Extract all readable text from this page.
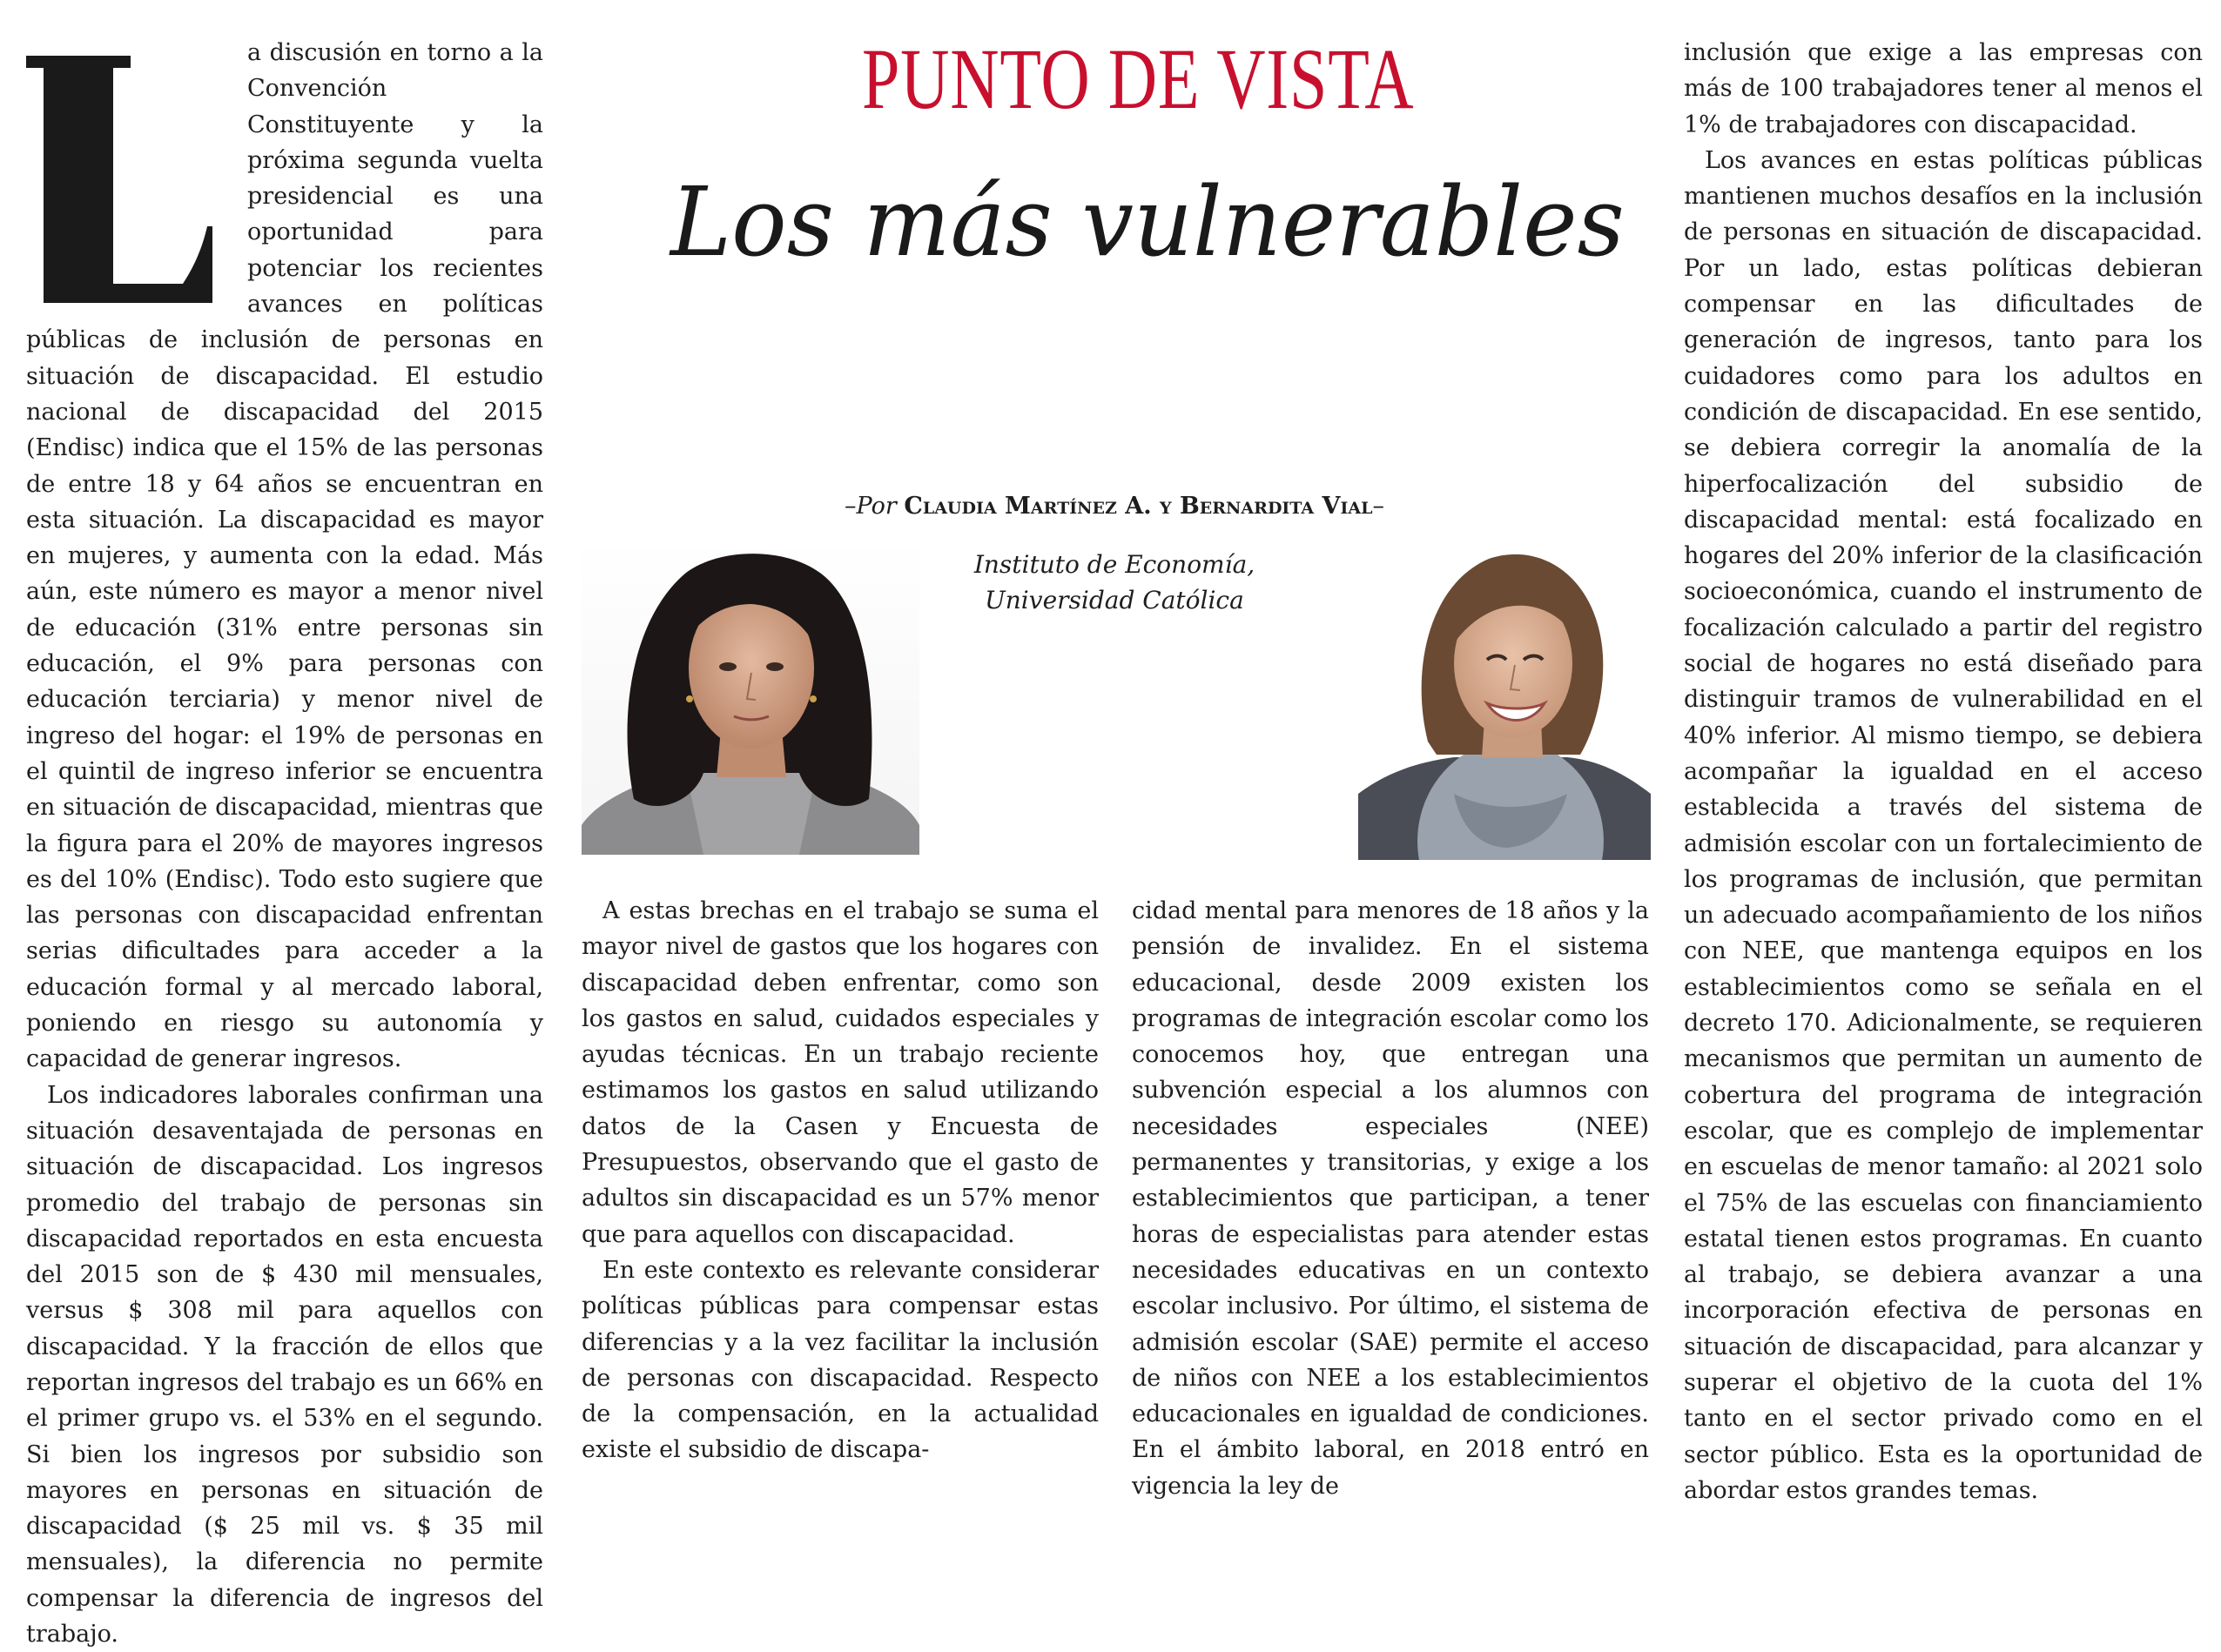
PUNTO DE VISTA
Los más vulnerables
–Por Claudia Martínez A. y Bernardita Vial–
Instituto de Economía,
Universidad Católica

a discusión en torno a la Convención Constituyente y la próxima segunda vuelta presidencial es una oportunidad para potenciar los recientes avances en políticas públicas de inclusión de personas en situación de discapacidad. El estudio nacional de discapacidad del 2015 (Endisc) indica que el 15% de las personas de entre 18 y 64 años se encuentran en esta situación. La discapacidad es mayor en mujeres, y aumenta con la edad. Más aún, este número es mayor a menor nivel de educación (31% entre personas sin educación, el 9% para personas con educación terciaria) y menor nivel de ingreso del hogar: el 19% de personas en el quintil de ingreso inferior se encuentra en situación de discapacidad, mientras que la figura para el 20% de mayores ingresos es del 10% (Endisc). Todo esto sugiere que las personas con discapacidad enfrentan serias dificultades para acceder a la educación formal y al mercado laboral, poniendo en riesgo su autonomía y capacidad de generar ingresos.

Los indicadores laborales confirman una situación desaventajada de personas en situación de discapacidad. Los ingresos promedio del trabajo de personas sin discapacidad reportados en esta encuesta del 2015 son de $ 430 mil mensuales, versus $ 308 mil para aquellos con discapacidad. Y la fracción de ellos que reportan ingresos del trabajo es un 66% en el primer grupo vs. el 53% en el segundo. Si bien los ingresos por subsidio son mayores en personas en situación de discapacidad ($ 25 mil vs. $ 35 mil mensuales), la diferencia no permite compensar la diferencia de ingresos del trabajo.

A estas brechas en el trabajo se suma el mayor nivel de gastos que los hogares con discapacidad deben enfrentar, como son los gastos en salud, cuidados especiales y ayudas técnicas. En un trabajo reciente estimamos los gastos en salud utilizando datos de la Casen y Encuesta de Presupuestos, observando que el gasto de adultos sin discapacidad es un 57% menor que para aquellos con discapacidad.

En este contexto es relevante considerar políticas públicas para compensar estas diferencias y a la vez facilitar la inclusión de personas con discapacidad. Respecto de la compensación, en la actualidad existe el subsidio de discapa-

cidad mental para menores de 18 años y la pensión de invalidez. En el sistema educacional, desde 2009 existen los programas de integración escolar como los conocemos hoy, que entregan una subvención especial a los alumnos con necesidades especiales (NEE) permanentes y transitorias, y exige a los establecimientos que participan, a tener horas de especialistas para atender estas necesidades educativas en un contexto escolar inclusivo. Por último, el sistema de admisión escolar (SAE) permite el acceso de niños con NEE a los establecimientos educacionales en igualdad de condiciones. En el ámbito laboral, en 2018 entró en vigencia la ley de

inclusión que exige a las empresas con más de 100 trabajadores tener al menos el 1% de trabajadores con discapacidad.

Los avances en estas políticas públicas mantienen muchos desafíos en la inclusión de personas en situación de discapacidad. Por un lado, estas políticas debieran compensar en las dificultades de generación de ingresos, tanto para los cuidadores como para los adultos en condición de discapacidad. En ese sentido, se debiera corregir la anomalía de la hiperfocalización del subsidio de discapacidad mental: está focalizado en hogares del 20% inferior de la clasificación socioeconómica, cuando el instrumento de focalización calculado a partir del registro social de hogares no está diseñado para distinguir tramos de vulnerabilidad en el 40% inferior. Al mismo tiempo, se debiera acompañar la igualdad en el acceso establecida a través del sistema de admisión escolar con un fortalecimiento de los programas de inclusión, que permitan un adecuado acompañamiento de los niños con NEE, que mantenga equipos en los establecimientos como se señala en el decreto 170. Adicionalmente, se requieren mecanismos que permitan un aumento de cobertura del programa de integración escolar, que es complejo de implementar en escuelas de menor tamaño: al 2021 solo el 75% de las escuelas con financiamiento estatal tienen estos programas. En cuanto al trabajo, se debiera avanzar a una incorporación efectiva de personas en situación de discapacidad, para alcanzar y superar el objetivo de la cuota del 1% tanto en el sector privado como en el sector público. Esta es la oportunidad de abordar estos grandes temas.
